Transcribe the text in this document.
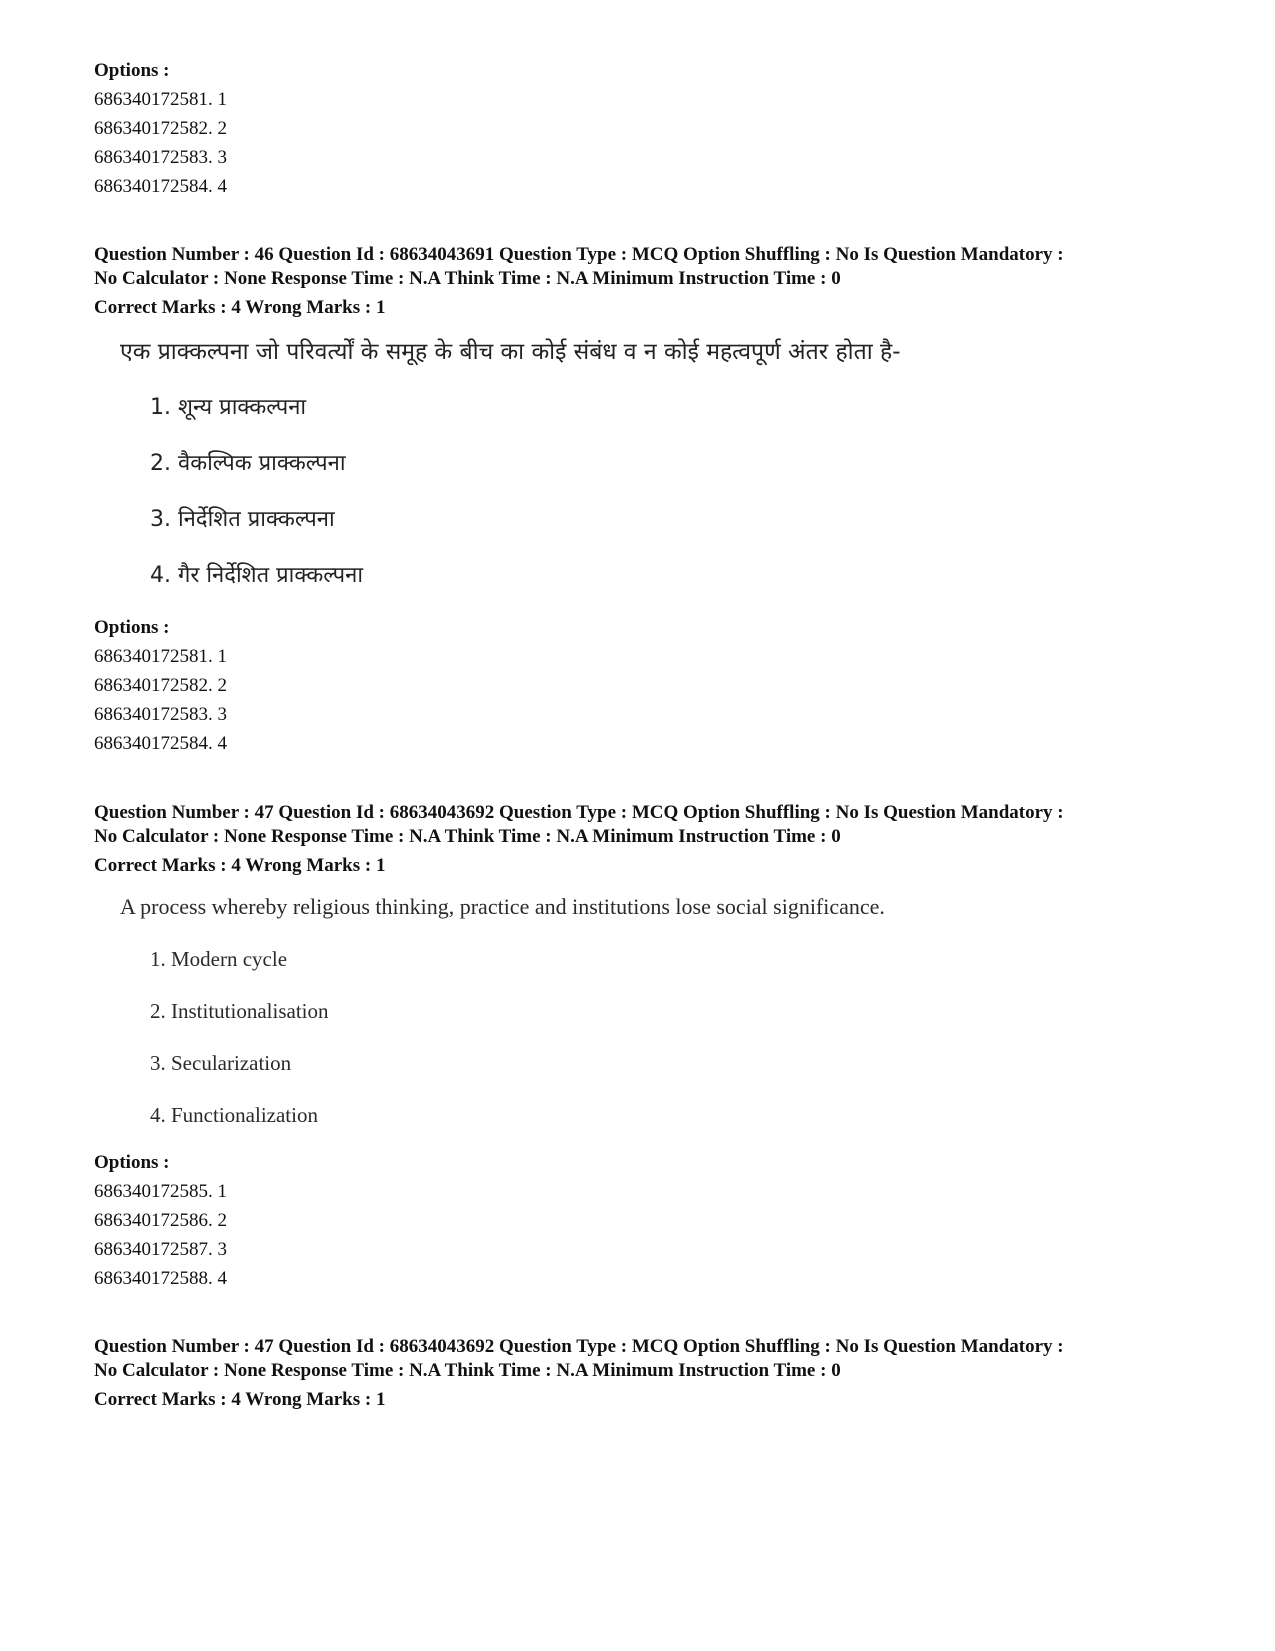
Options :
686340172581. 1
686340172582. 2
686340172583. 3
686340172584. 4
Question Number : 46 Question Id : 68634043691 Question Type : MCQ Option Shuffling : No Is Question Mandatory :
No Calculator : None Response Time : N.A Think Time : N.A Minimum Instruction Time : 0
Correct Marks : 4 Wrong Marks : 1
एक प्राक्कल्पना जो परिवर्त्यों के समूह के बीच का कोई संबंध व न कोई महत्वपूर्ण अंतर होता है-
1. शून्य प्राक्कल्पना
2. वैकल्पिक प्राक्कल्पना
3. निर्देशित प्राक्कल्पना
4. गैर निर्देशित प्राक्कल्पना
Options :
686340172581. 1
686340172582. 2
686340172583. 3
686340172584. 4
Question Number : 47 Question Id : 68634043692 Question Type : MCQ Option Shuffling : No Is Question Mandatory :
No Calculator : None Response Time : N.A Think Time : N.A Minimum Instruction Time : 0
Correct Marks : 4 Wrong Marks : 1
A process whereby religious thinking, practice and institutions lose social significance.
1. Modern cycle
2. Institutionalisation
3. Secularization
4. Functionalization
Options :
686340172585. 1
686340172586. 2
686340172587. 3
686340172588. 4
Question Number : 47 Question Id : 68634043692 Question Type : MCQ Option Shuffling : No Is Question Mandatory :
No Calculator : None Response Time : N.A Think Time : N.A Minimum Instruction Time : 0
Correct Marks : 4 Wrong Marks : 1
